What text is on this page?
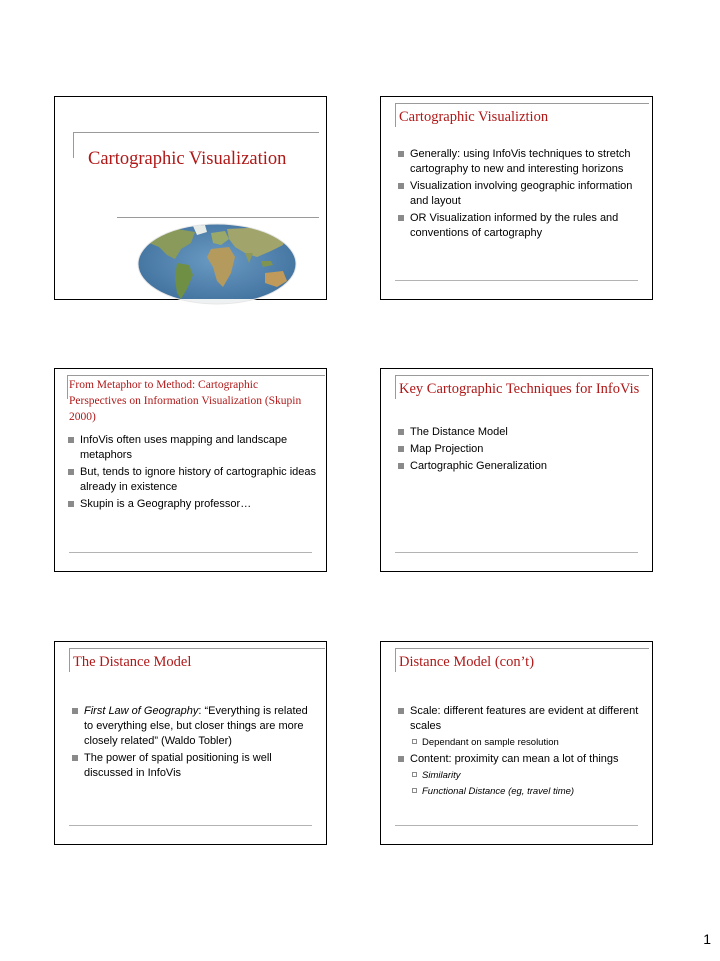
Cartographic Visualization
Cartographic Visualiztion
Generally: using InfoVis techniques to stretch cartography to new and interesting horizons
Visualization involving geographic information and layout
OR Visualization informed by the rules and conventions of cartography
From Metaphor to Method: Cartographic Perspectives on Information Visualization (Skupin 2000)
InfoVis often uses mapping and landscape metaphors
But, tends to ignore history of cartographic ideas already in existence
Skupin is a Geography professor…
Key Cartographic Techniques for InfoVis
The Distance Model
Map Projection
Cartographic Generalization
The Distance Model
First Law of Geography: “Everything is related to everything else, but closer things are more closely related” (Waldo Tobler)
The power of spatial positioning is well discussed in InfoVis
Distance Model (con’t)
Scale: different features are evident at different scales
Dependant on sample resolution
Content: proximity can mean a lot of things
Similarity
Functional Distance (eg, travel time)
1
